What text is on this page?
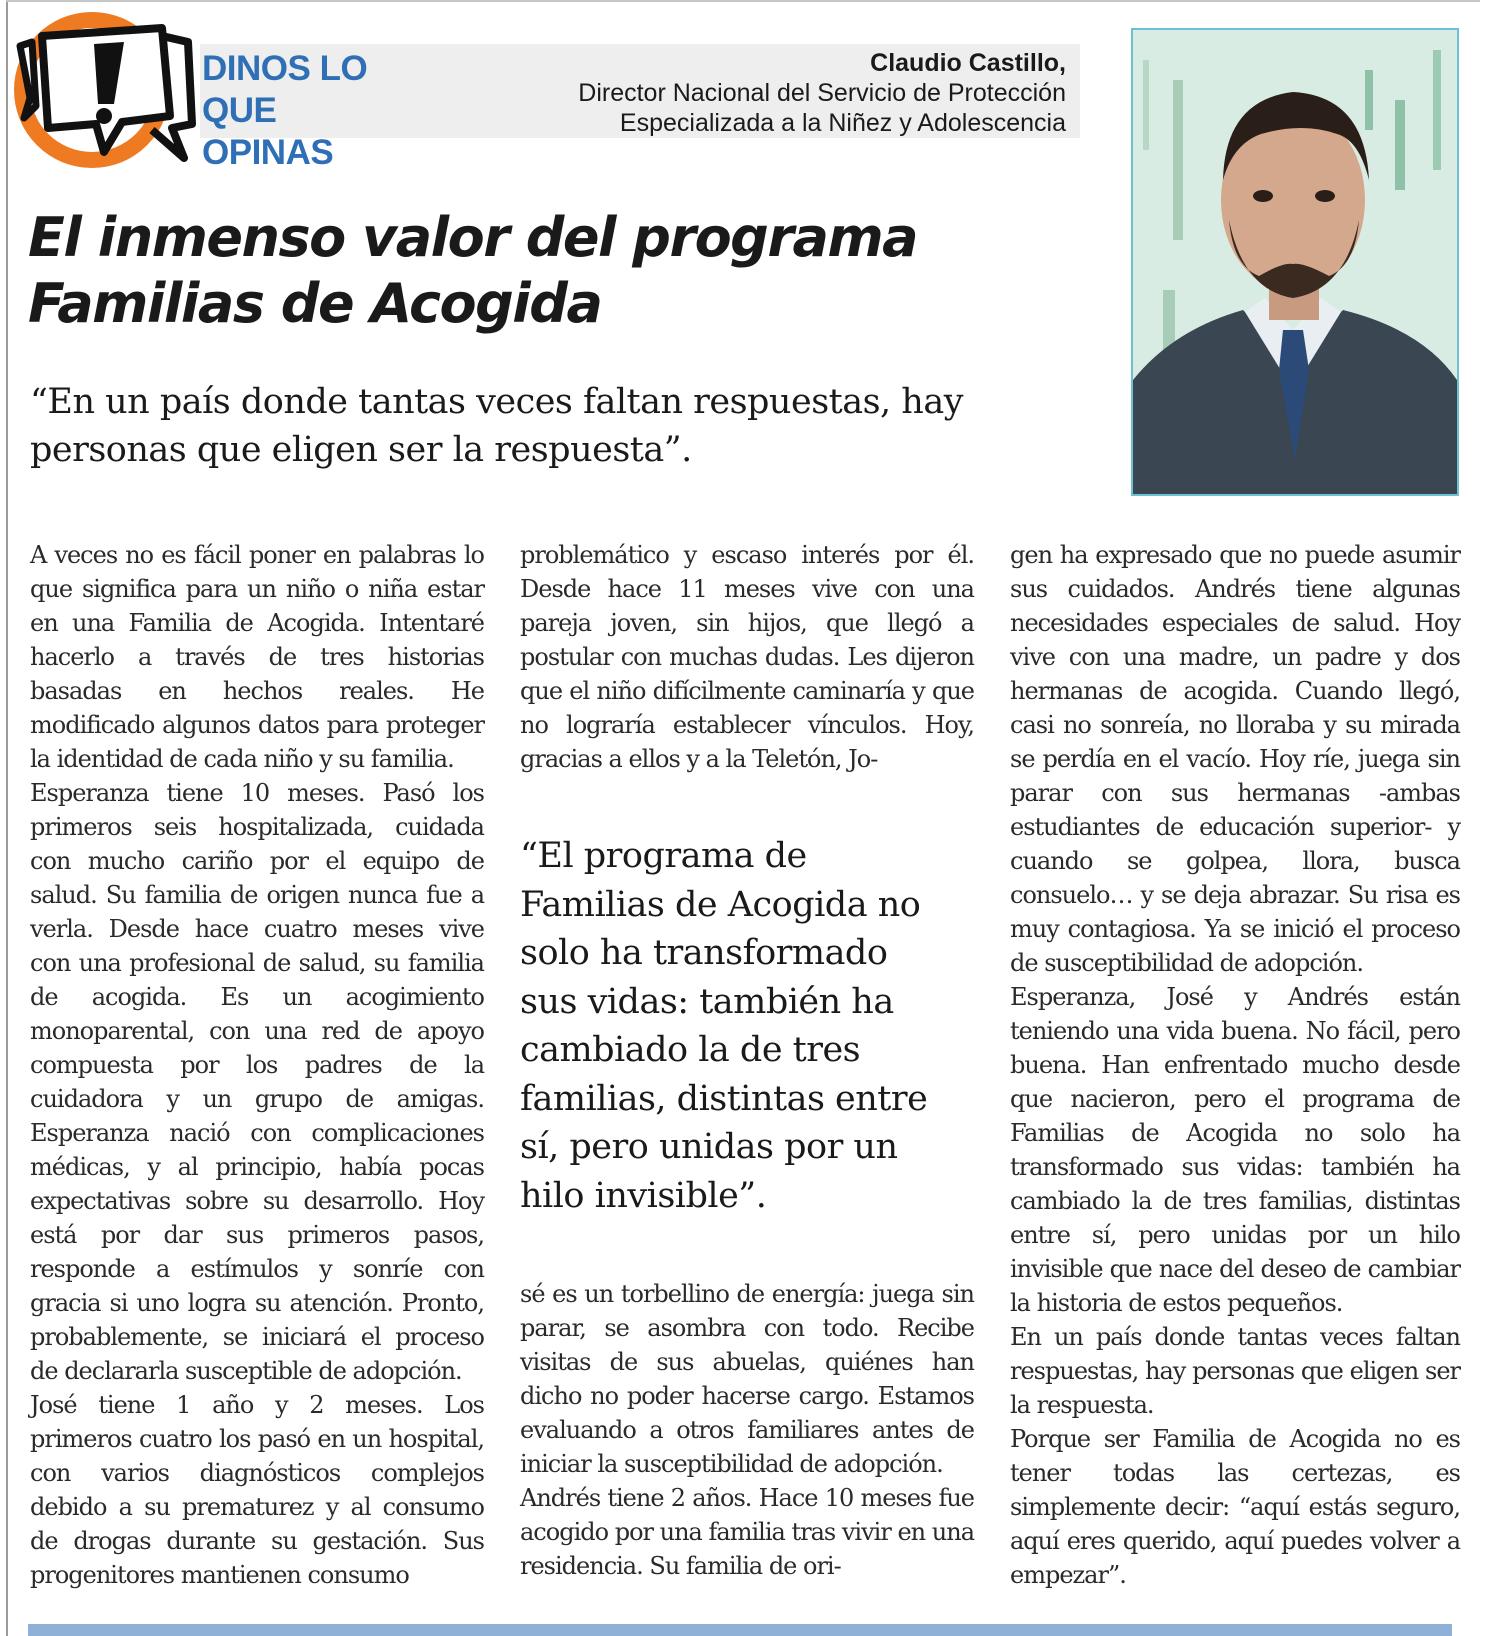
DINOS LO
QUE OPINAS
Claudio Castillo,
Director Nacional del Servicio de Protección
Especializada a la Niñez y Adolescencia
El inmenso valor del programa
Familias de Acogida
“En un país donde tantas veces faltan respuestas, hay
personas que eligen ser la respuesta”.

A veces no es fácil poner en palabras lo que significa para un niño o niña estar en una Familia de Acogida. Intentaré hacerlo a través de tres historias basadas en hechos reales. He modificado algunos datos para proteger la identidad de cada niño y su familia.

Esperanza tiene 10 meses. Pasó los primeros seis hospitalizada, cuidada con mucho cariño por el equipo de salud. Su familia de origen nunca fue a verla. Desde hace cuatro meses vive con una profesional de salud, su familia de acogida. Es un acogimiento monoparental, con una red de apoyo compuesta por los padres de la cuidadora y un grupo de amigas. Esperanza nació con complicaciones médicas, y al principio, había pocas expectativas sobre su desarrollo. Hoy está por dar sus primeros pasos, responde a estímulos y sonríe con gracia si uno logra su atención. Pronto, probablemente, se iniciará el proceso de declararla susceptible de adopción.

José tiene 1 año y 2 meses. Los primeros cuatro los pasó en un hospital, con varios diagnósticos complejos debido a su prematurez y al consumo de drogas durante su gestación. Sus progenitores mantienen consumo

problemático y escaso interés por él. Desde hace 11 meses vive con una pareja joven, sin hijos, que llegó a postular con muchas dudas. Les dijeron que el niño difícilmente caminaría y que no lograría establecer vínculos. Hoy, gracias a ellos y a la Teletón, Jo-

“El programa de
Familias de Acogida no
solo ha transformado
sus vidas: también ha
cambiado la de tres
familias, distintas entre
sí, pero unidas por un
hilo invisible”.

sé es un torbellino de energía: juega sin parar, se asombra con todo. Recibe visitas de sus abuelas, quiénes han dicho no poder hacerse cargo. Estamos evaluando a otros familiares antes de iniciar la susceptibilidad de adopción.

Andrés tiene 2 años. Hace 10 meses fue acogido por una familia tras vivir en una residencia. Su familia de ori-

gen ha expresado que no puede asumir sus cuidados. Andrés tiene algunas necesidades especiales de salud. Hoy vive con una madre, un padre y dos hermanas de acogida. Cuando llegó, casi no sonreía, no lloraba y su mirada se perdía en el vacío. Hoy ríe, juega sin parar con sus hermanas -ambas estudiantes de educación superior- y cuando se golpea, llora, busca consuelo… y se deja abrazar. Su risa es muy contagiosa. Ya se inició el proceso de susceptibilidad de adopción.

Esperanza, José y Andrés están teniendo una vida buena. No fácil, pero buena. Han enfrentado mucho desde que nacieron, pero el programa de Familias de Acogida no solo ha transformado sus vidas: también ha cambiado la de tres familias, distintas entre sí, pero unidas por un hilo invisible que nace del deseo de cambiar la historia de estos pequeños.

En un país donde tantas veces faltan respuestas, hay personas que eligen ser la respuesta.

Porque ser Familia de Acogida no es tener todas las certezas, es simplemente decir: “aquí estás seguro, aquí eres querido, aquí puedes volver a empezar”.
